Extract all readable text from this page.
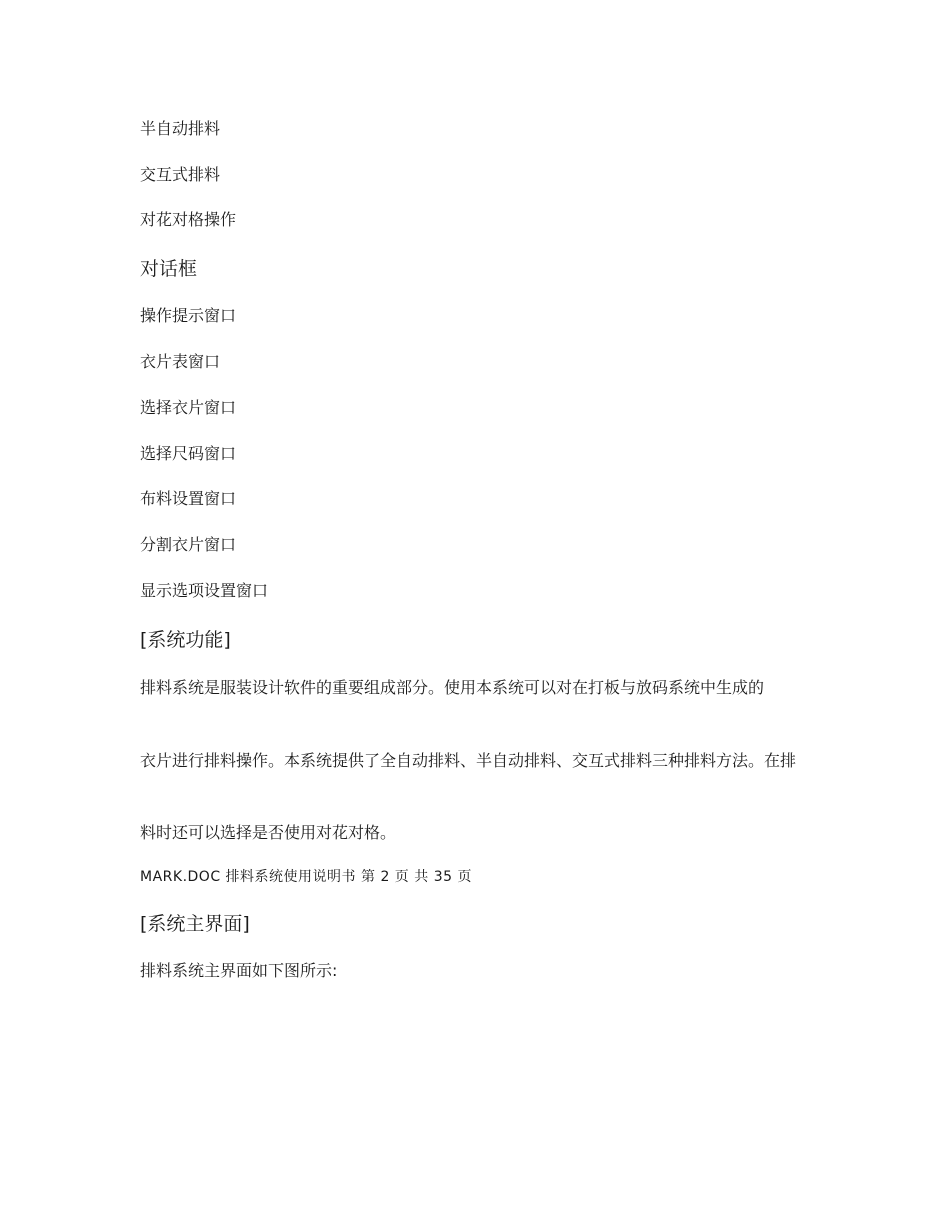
半自动排料

交互式排料

对花对格操作

对话框

操作提示窗口

衣片表窗口

选择衣片窗口

选择尺码窗口

布料设置窗口

分割衣片窗口

显示选项设置窗口

[系统功能]

排料系统是服装设计软件的重要组成部分。使用本系统可以对在打板与放码系统中生成的

衣片进行排料操作。本系统提供了全自动排料、半自动排料、交互式排料三种排料方法。在排

料时还可以选择是否使用对花对格。

MARK.DOC 排料系统使用说明书 第 2 页 共 35 页

[系统主界面]

排料系统主界面如下图所示:
